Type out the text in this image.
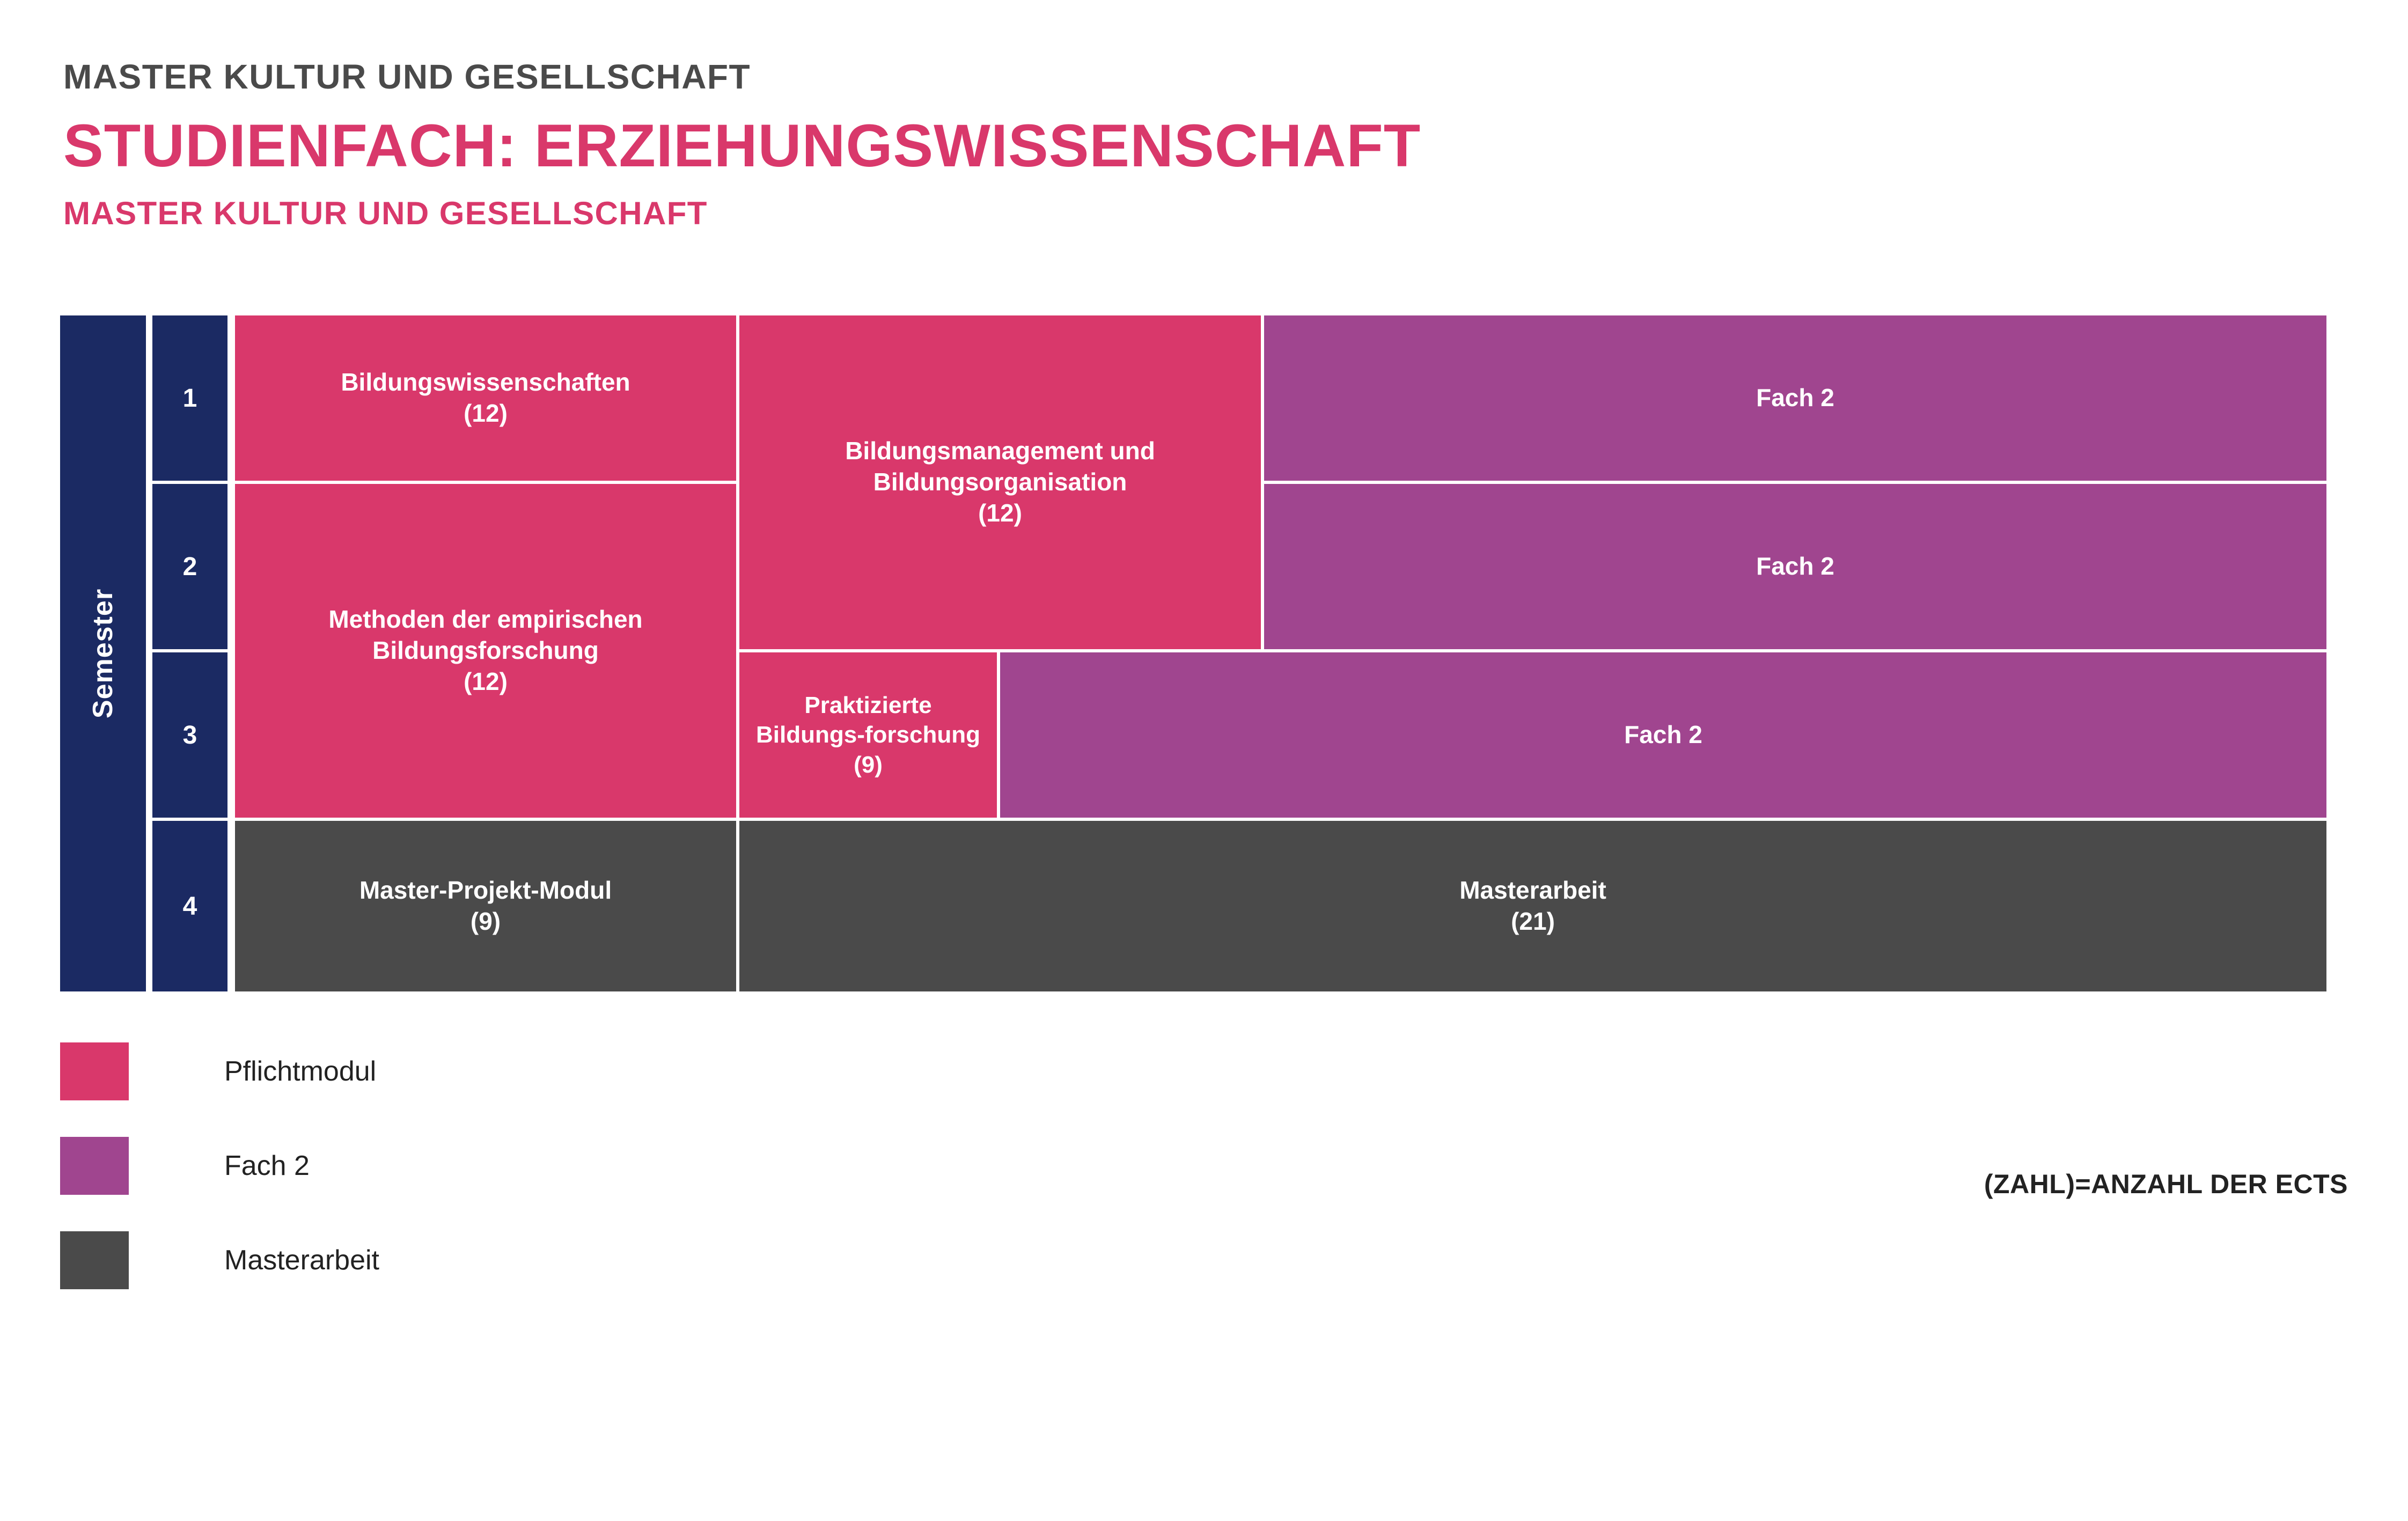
MASTER KULTUR UND GESELLSCHAFT
STUDIENFACH: ERZIEHUNGSWISSENSCHAFT
MASTER KULTUR UND GESELLSCHAFT
Semester
1
2
3
4
Bildungswissenschaften
(12)
Methoden der empirischen Bildungsforschung
(12)
Master-Projekt-Modul
(9)
Bildungsmanagement und Bildungsorganisation
(12)
Praktizierte Bildungs-forschung
(9)
Fach 2
Fach 2
Fach 2
Masterarbeit
(21)
Pflichtmodul
Fach 2
Masterarbeit
(ZAHL)=ANZAHL DER ECTS
